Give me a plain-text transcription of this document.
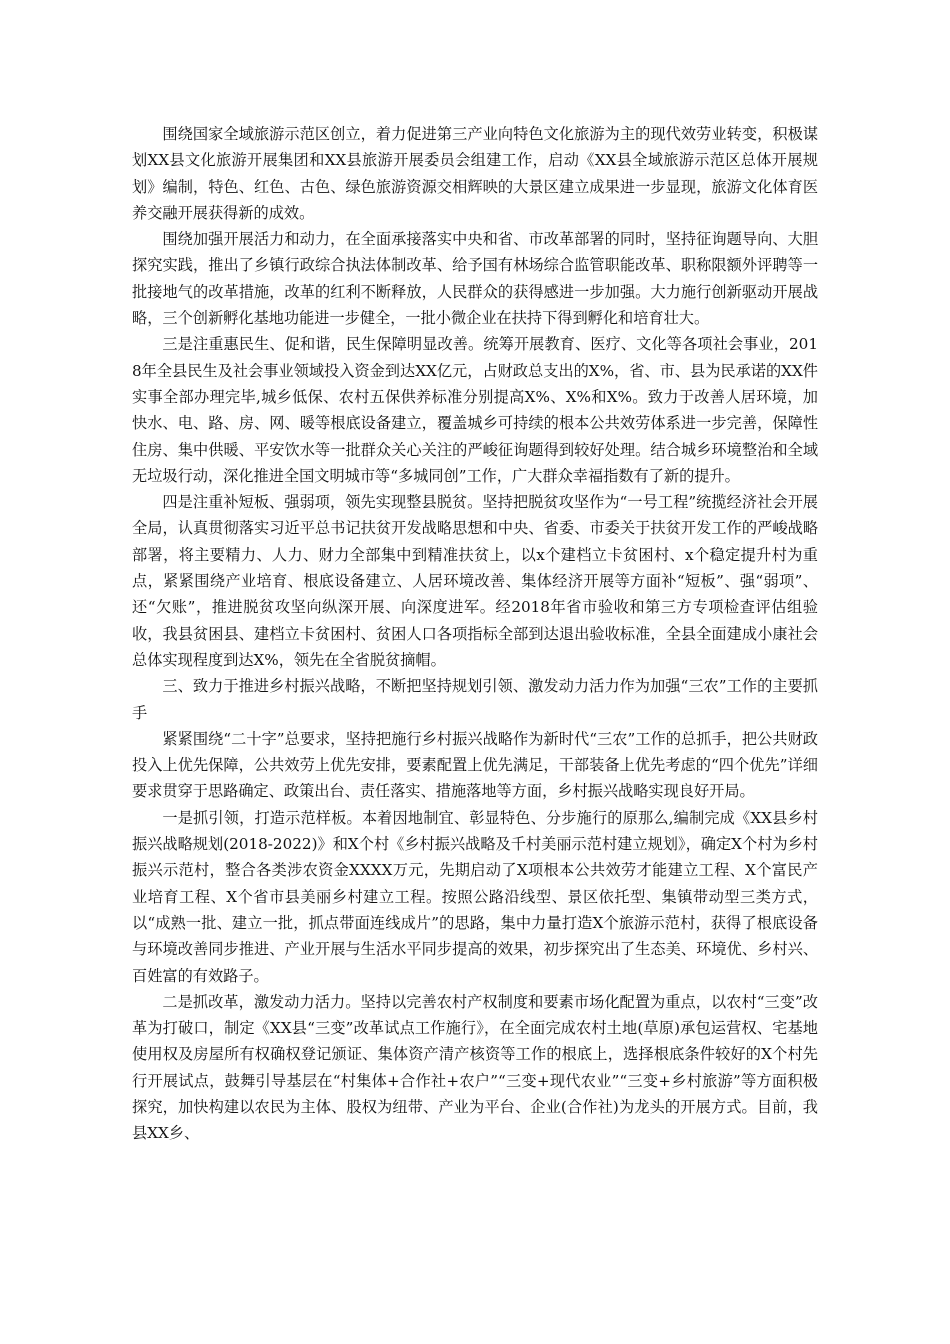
围绕国家全域旅游示范区创立，着力促进第三产业向特色文化旅游为主的现代效劳业转变，积极谋划XX县文化旅游开展集团和XX县旅游开展委员会组建工作，启动《XX县全域旅游示范区总体开展规划》编制，特色、红色、古色、绿色旅游资源交相辉映的大景区建立成果进一步显现，旅游文化体育医养交融开展获得新的成效。

围绕加强开展活力和动力，在全面承接落实中央和省、市改革部署的同时，坚持征询题导向、大胆探究实践，推出了乡镇行政综合执法体制改革、给予国有林场综合监管职能改革、职称限额外评聘等一批接地气的改革措施，改革的红利不断释放，人民群众的获得感进一步加强。大力施行创新驱动开展战略，三个创新孵化基地功能进一步健全，一批小微企业在扶持下得到孵化和培育壮大。

三是注重惠民生、促和谐，民生保障明显改善。统筹开展教育、医疗、文化等各项社会事业，2018年全县民生及社会事业领域投入资金到达XX亿元，占财政总支出的X%，省、市、县为民承诺的XX件实事全部办理完毕,城乡低保、农村五保供养标准分别提高X%、X%和X%。致力于改善人居环境，加快水、电、路、房、网、暖等根底设备建立，覆盖城乡可持续的根本公共效劳体系进一步完善，保障性住房、集中供暖、平安饮水等一批群众关心关注的严峻征询题得到较好处理。结合城乡环境整治和全域无垃圾行动，深化推进全国文明城市等“多城同创”工作，广大群众幸福指数有了新的提升。

四是注重补短板、强弱项，领先实现整县脱贫。坚持把脱贫攻坚作为“一号工程”统揽经济社会开展全局，认真贯彻落实习近平总书记扶贫开发战略思想和中央、省委、市委关于扶贫开发工作的严峻战略部署，将主要精力、人力、财力全部集中到精准扶贫上，以x个建档立卡贫困村、x个稳定提升村为重点，紧紧围绕产业培育、根底设备建立、人居环境改善、集体经济开展等方面补“短板”、强“弱项”、还“欠账”，推进脱贫攻坚向纵深开展、向深度进军。经2018年省市验收和第三方专项检查评估组验收，我县贫困县、建档立卡贫困村、贫困人口各项指标全部到达退出验收标准，全县全面建成小康社会总体实现程度到达X%，领先在全省脱贫摘帽。

三、致力于推进乡村振兴战略，不断把坚持规划引领、激发动力活力作为加强“三农”工作的主要抓手

紧紧围绕“二十字”总要求，坚持把施行乡村振兴战略作为新时代“三农”工作的总抓手，把公共财政投入上优先保障，公共效劳上优先安排，要素配置上优先满足，干部装备上优先考虑的“四个优先”详细要求贯穿于思路确定、政策出台、责任落实、措施落地等方面，乡村振兴战略实现良好开局。

一是抓引领，打造示范样板。本着因地制宜、彰显特色、分步施行的原那么,编制完成《XX县乡村振兴战略规划(2018-2022)》和X个村《乡村振兴战略及千村美丽示范村建立规划》，确定X个村为乡村振兴示范村，整合各类涉农资金XXXX万元，先期启动了X项根本公共效劳才能建立工程、X个富民产业培育工程、X个省市县美丽乡村建立工程。按照公路沿线型、景区依托型、集镇带动型三类方式，以“成熟一批、建立一批，抓点带面连线成片”的思路，集中力量打造X个旅游示范村，获得了根底设备与环境改善同步推进、产业开展与生活水平同步提高的效果，初步探究出了生态美、环境优、乡村兴、百姓富的有效路子。

二是抓改革，激发动力活力。坚持以完善农村产权制度和要素市场化配置为重点，以农村“三变”改革为打破口，制定《XX县“三变”改革试点工作施行》，在全面完成农村土地(草原)承包运营权、宅基地使用权及房屋所有权确权登记颁证、集体资产清产核资等工作的根底上，选择根底条件较好的X个村先行开展试点，鼓舞引导基层在“村集体+合作社+农户”“三变+现代农业”“三变+乡村旅游”等方面积极探究，加快构建以农民为主体、股权为纽带、产业为平台、企业(合作社)为龙头的开展方式。目前，我县XX乡、
